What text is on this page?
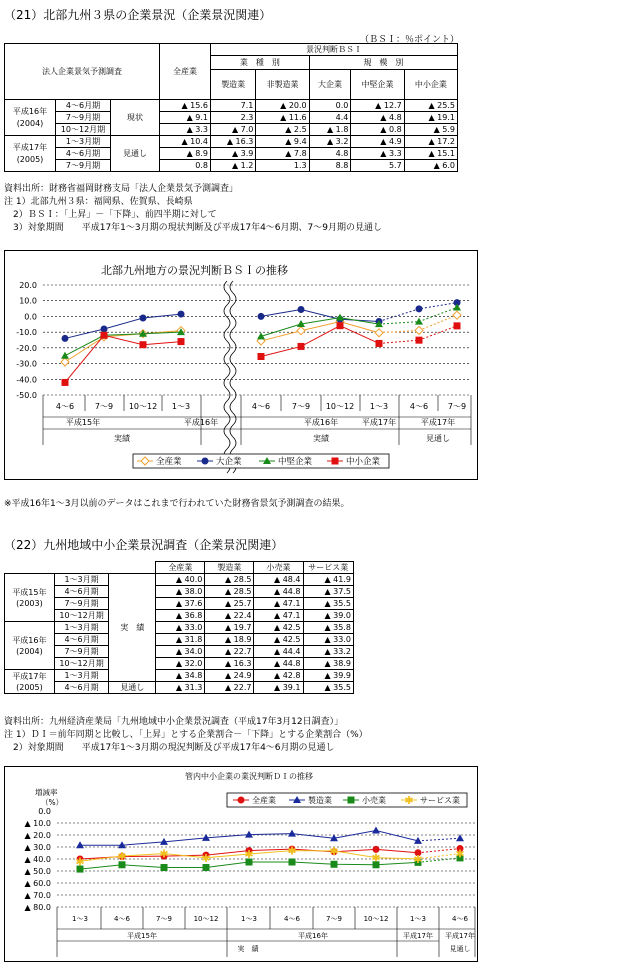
（21）北部九州３県の企業景況（企業景況関連）
（ＢＳＩ：％ポイント）
法人企業景気予測調査			全産業	景況判断ＢＳＩ				
				業　種　別		規　模　別		
				製造業	非製造業	大企業	中堅企業	中小企業

平成16年
(2004)	4～6月期	現状	▲ 15.6	7.1	▲ 20.0	0.0	▲ 12.7	▲ 25.5
	7～9月期		▲ 9.1	2.3	▲ 11.6	4.4	▲ 4.8	▲ 19.1
	10～12月期		▲ 3.3	▲ 7.0	▲ 2.5	▲ 1.8	▲ 0.8	▲ 5.9

平成17年
(2005)	1～3月期	見通し	▲ 10.4	▲ 16.3	▲ 9.4	▲ 3.2	▲ 4.9	▲ 17.2
	4～6月期		▲ 8.9	▲ 3.9	▲ 7.8	4.8	▲ 3.3	▲ 15.1
	7～9月期		0.8	▲ 1.2	1.3	8.8	5.7	▲ 6.0
資料出所：財務省福岡財務支局「法人企業景気予測調査」
注 1）北部九州３県：福岡県、佐賀県、長崎県
　2）ＢＳＩ：「上昇」－「下降」、前四半期に対して
　3）対象期間　　平成17年1～3月期の現状判断及び平成17年4～6月期、7～9月期の見通し
北部九州地方の景況判断ＢＳＩの推移
20.0
10.0
0.0
-10.0
-20.0
-30.0
-40.0
-50.0
4～6	7～9 10～12 1～3	4～6	7～9 10～12 1～3	4～6 7～9
平成15年	平成16年	平成16年	平成17年	平成17年
実績	実績	見通し
全産業	大企業	中堅企業	中小企業
※平成16年1～3月以前のデータはこれまで行われていた財務省景気予測調査の結果。
（22）九州地域中小企業景況調査（企業景況関連）
			全産業	製造業	小売業	サービス業

平成15年
(2003)	1～3月期	実　績	▲ 40.0	▲ 28.5	▲ 48.4	▲ 41.9
	4～6月期		▲ 38.0	▲ 28.5	▲ 44.8	▲ 37.5
	7～9月期		▲ 37.6	▲ 25.7	▲ 47.1	▲ 35.5
	10～12月期		▲ 36.8	▲ 22.4	▲ 47.1	▲ 39.0

平成16年
(2004)	1～3月期		▲ 33.0	▲ 19.7	▲ 42.5	▲ 35.8
	4～6月期		▲ 31.8	▲ 18.9	▲ 42.5	▲ 33.0
	7～9月期		▲ 34.0	▲ 22.7	▲ 44.4	▲ 33.2
	10～12月期		▲ 32.0	▲ 16.3	▲ 44.8	▲ 38.9

平成17年
(2005)	1～3月期		▲ 34.8	▲ 24.9	▲ 42.8	▲ 39.9
	4～6月期	見通し	▲ 31.3	▲ 22.7	▲ 39.1	▲ 35.5
資料出所：九州経済産業局「九州地域中小企業景況調査（平成17年3月12日調査）」
注 1）ＤＩ＝前年同期と比較し、「上昇」とする企業割合－「下降」とする企業割合（%）
　2）対象期間　　平成17年1～3月期の現況判断及び平成17年4～6月期の見通し
管内中小企業の業況判断ＤＩの推移
増減率
（%）
0.0
▲ 10.0
▲ 20.0
▲ 30.0
▲ 40.0
▲ 50.0
▲ 60.0
▲ 70.0
▲ 80.0
1～3	4～6	7～9	10～12	1～3	4～6	7～9	10～12	1～3	4～6
平成15年	平成16年	平成17年 平成17年
実　績	見通し
✱	✱	✱	✱	✱	✱	✱
✱	✱	✱
全産業	製造業	小売業 ✱ サービス業
